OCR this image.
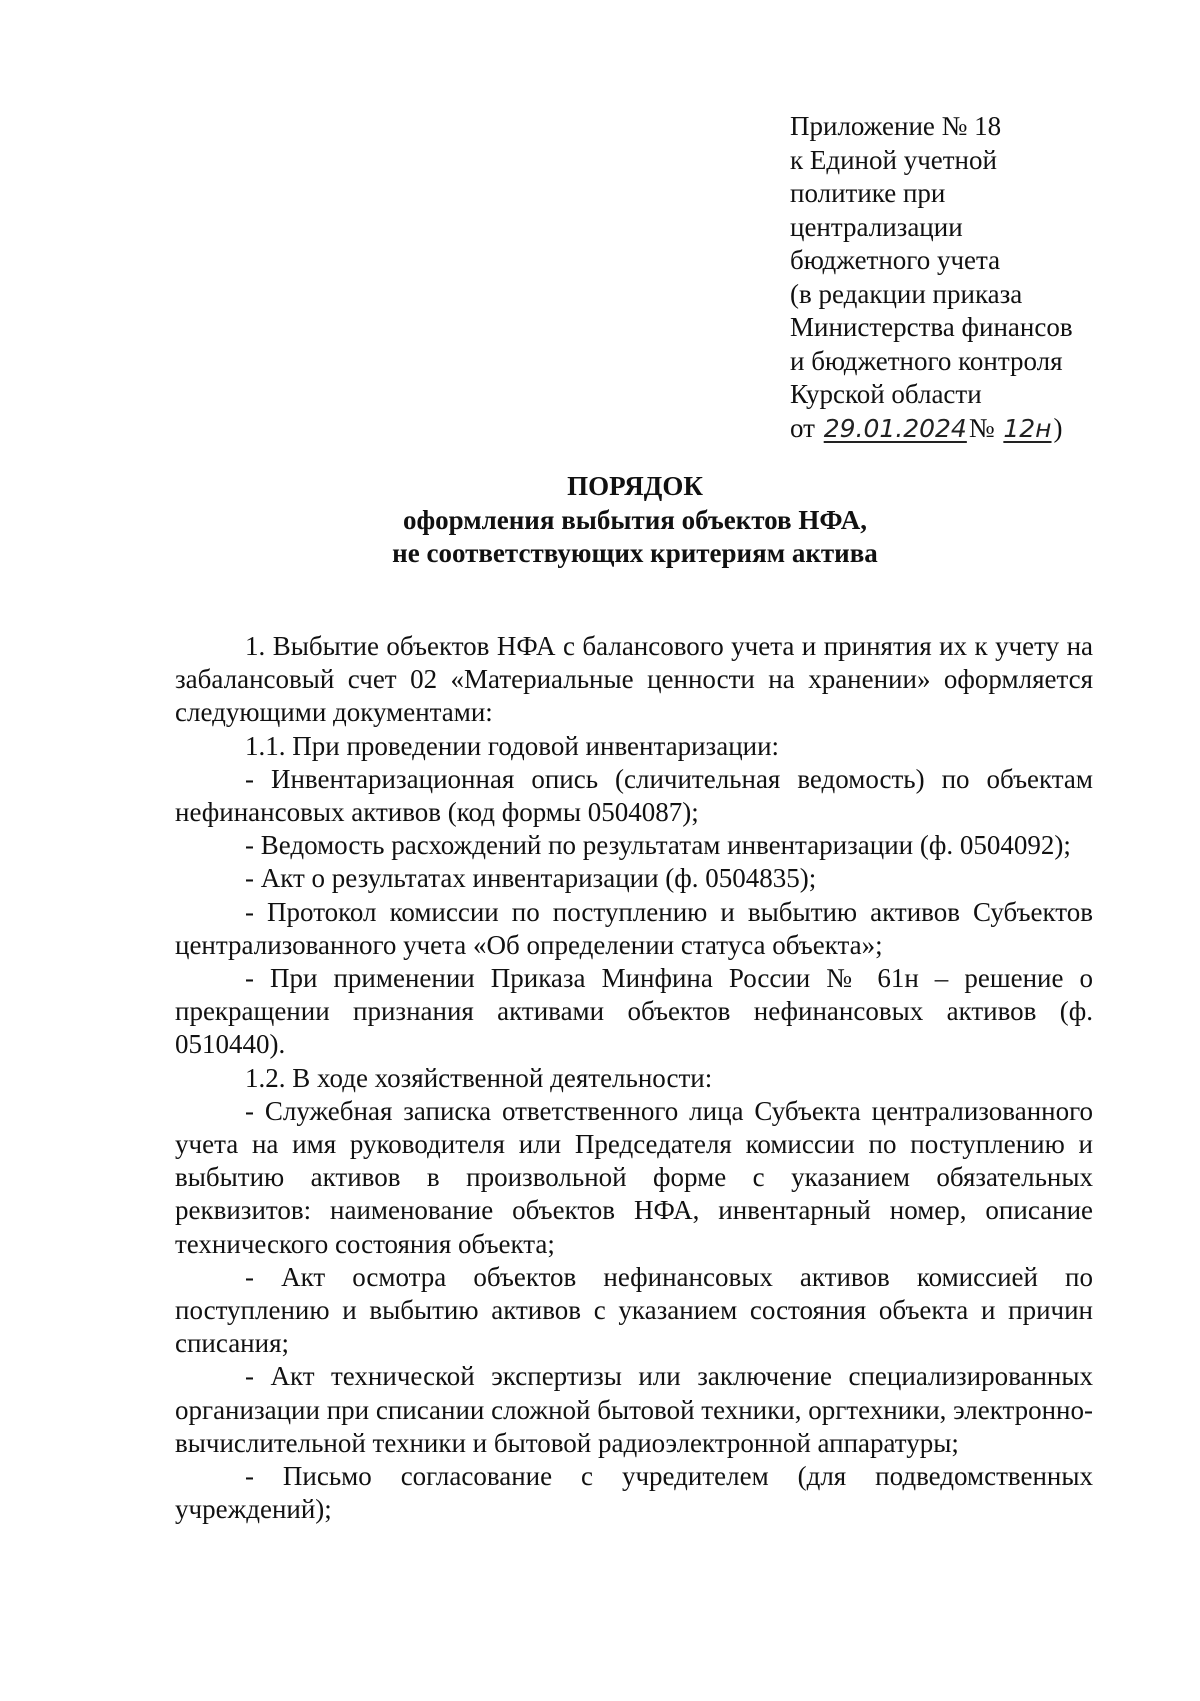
Приложение № 18
к Единой учетной
политике при
централизации
бюджетного учета
(в редакции приказа
Министерства финансов
и бюджетного контроля
Курской области
от 29.01.2024№ 12н)
ПОРЯДОК
оформления выбытия объектов НФА,
не соответствующих критериям актива

1. Выбытие объектов НФА с балансового учета и принятия их к учету на забалансовый счет 02 «Материальные ценности на хранении» оформляется следующими документами:

1.1. При проведении годовой инвентаризации:

- Инвентаризационная опись (сличительная ведомость) по объектам нефинансовых активов (код формы 0504087);

- Ведомость расхождений по результатам инвентаризации (ф. 0504092);

- Акт о результатах инвентаризации (ф. 0504835);

- Протокол комиссии по поступлению и выбытию активов Субъектов централизованного учета «Об определении статуса объекта»;

- При применении Приказа Минфина России № 61н – решение о прекращении признания активами объектов нефинансовых активов (ф. 0510440).

1.2. В ходе хозяйственной деятельности:

- Служебная записка ответственного лица Субъекта централизованного учета на имя руководителя или Председателя комиссии по поступлению и выбытию активов в произвольной форме с указанием обязательных реквизитов: наименование объектов НФА, инвентарный номер, описание технического состояния объекта;

- Акт осмотра объектов нефинансовых активов комиссией по поступлению и выбытию активов с указанием состояния объекта и причин списания;

- Акт технической экспертизы или заключение специализированных организации при списании сложной бытовой техники, оргтехники, электронно-вычислительной техники и бытовой радиоэлектронной аппаратуры;

- Письмо согласование с учредителем (для подведомственных учреждений);
